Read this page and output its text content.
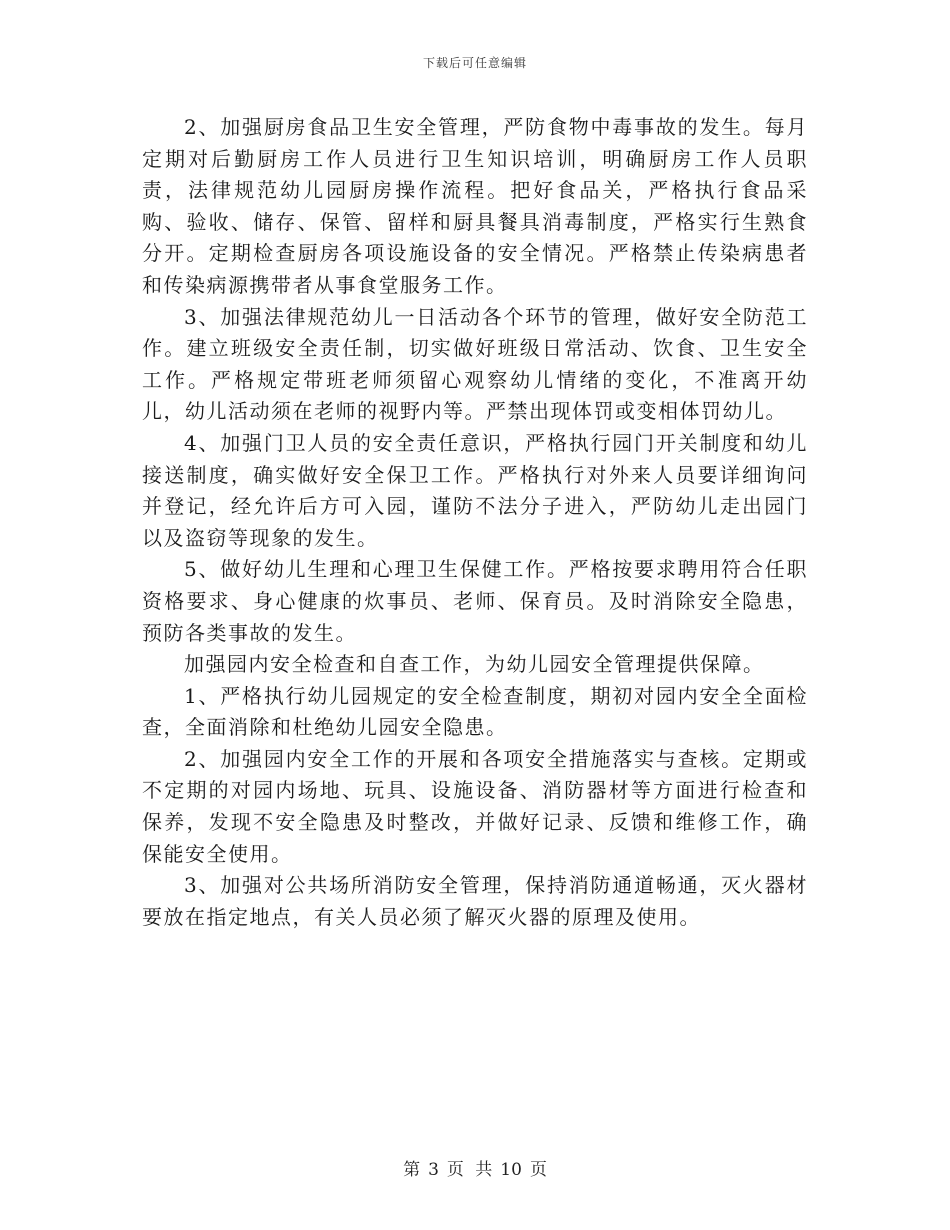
下载后可任意编辑

2、加强厨房食品卫生安全管理，严防食物中毒事故的发生。每月定期对后勤厨房工作人员进行卫生知识培训，明确厨房工作人员职责，法律规范幼儿园厨房操作流程。把好食品关，严格执行食品采购、验收、储存、保管、留样和厨具餐具消毒制度，严格实行生熟食分开。定期检查厨房各项设施设备的安全情况。严格禁止传染病患者和传染病源携带者从事食堂服务工作。

3、加强法律规范幼儿一日活动各个环节的管理，做好安全防范工作。建立班级安全责任制，切实做好班级日常活动、饮食、卫生安全工作。严格规定带班老师须留心观察幼儿情绪的变化，不准离开幼儿，幼儿活动须在老师的视野内等。严禁出现体罚或变相体罚幼儿。

4、加强门卫人员的安全责任意识，严格执行园门开关制度和幼儿接送制度，确实做好安全保卫工作。严格执行对外来人员要详细询问并登记，经允许后方可入园，谨防不法分子进入，严防幼儿走出园门以及盗窃等现象的发生。

5、做好幼儿生理和心理卫生保健工作。严格按要求聘用符合任职资格要求、身心健康的炊事员、老师、保育员。及时消除安全隐患，预防各类事故的发生。

加强园内安全检查和自查工作，为幼儿园安全管理提供保障。

1、严格执行幼儿园规定的安全检查制度，期初对园内安全全面检查，全面消除和杜绝幼儿园安全隐患。

2、加强园内安全工作的开展和各项安全措施落实与查核。定期或不定期的对园内场地、玩具、设施设备、消防器材等方面进行检查和保养，发现不安全隐患及时整改，并做好记录、反馈和维修工作，确保能安全使用。

3、加强对公共场所消防安全管理，保持消防通道畅通，灭火器材要放在指定地点，有关人员必须了解灭火器的原理及使用。

第 3 页 共 10 页
